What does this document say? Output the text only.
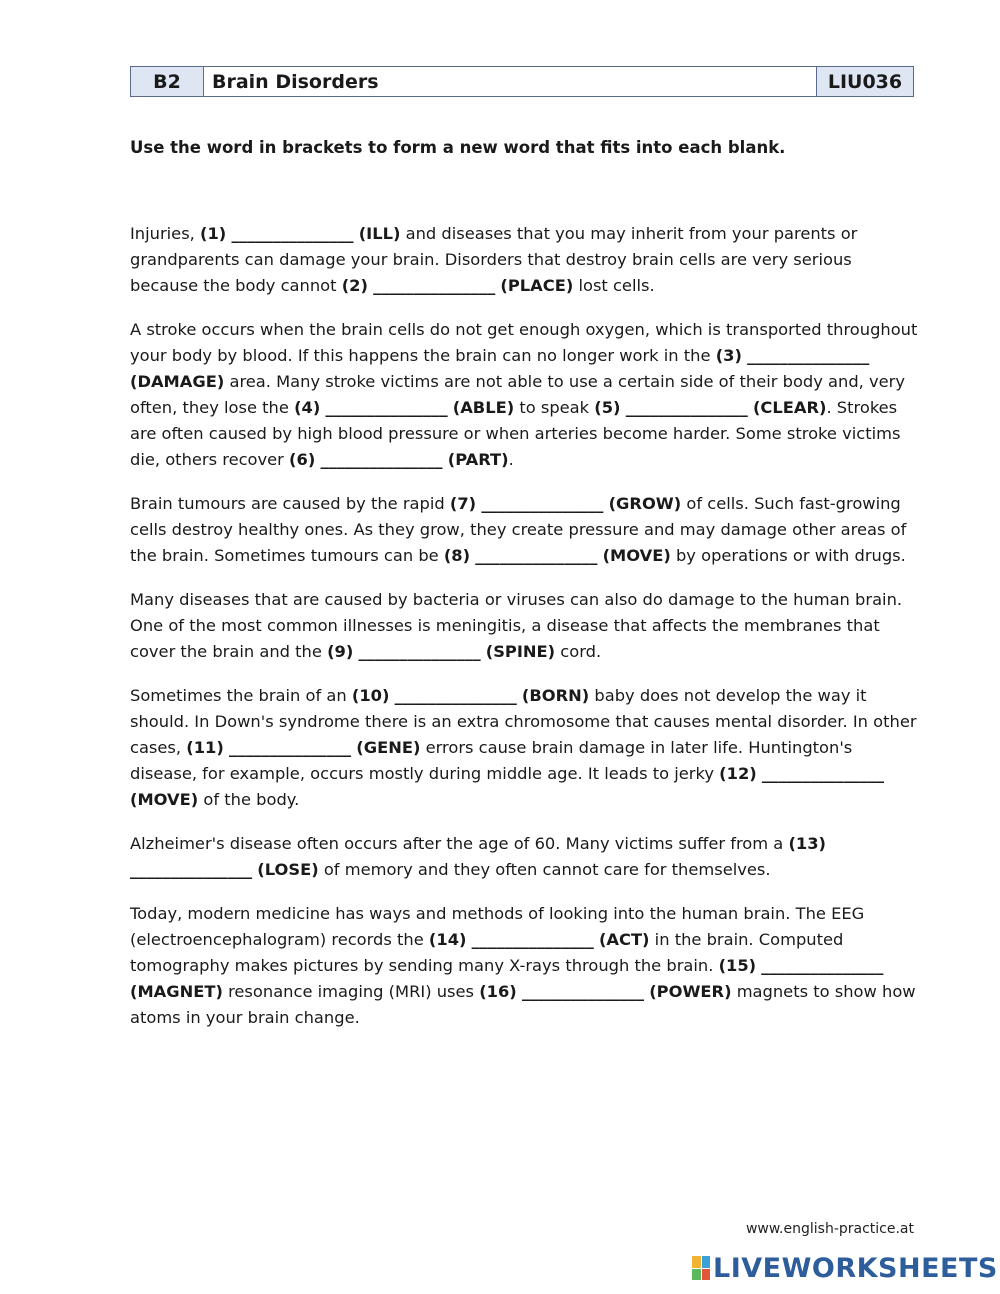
B2	Brain Disorders	LIU036

Use the word in brackets to form a new word that fits into each blank.

Injuries, (1) _______________ (ILL) and diseases that you may inherit from your parents or grandparents can damage your brain. Disorders that destroy brain cells are very serious because the body cannot (2) _______________ (PLACE) lost cells.

A stroke occurs when the brain cells do not get enough oxygen, which is transported throughout your body by blood. If this happens the brain can no longer work in the (3) _______________ (DAMAGE) area. Many stroke victims are not able to use a certain side of their body and, very often, they lose the (4) _______________ (ABLE) to speak (5) _______________ (CLEAR). Strokes are often caused by high blood pressure or when arteries become harder. Some stroke victims die, others recover (6) _______________ (PART).

Brain tumours are caused by the rapid (7) _______________ (GROW) of cells. Such fast-growing cells destroy healthy ones. As they grow, they create pressure and may damage other areas of the brain. Sometimes tumours can be (8) _______________ (MOVE) by operations or with drugs.

Many diseases that are caused by bacteria or viruses can also do damage to the human brain. One of the most common illnesses is meningitis, a disease that affects the membranes that cover the brain and the (9) _______________ (SPINE) cord.

Sometimes the brain of an (10) _______________ (BORN) baby does not develop the way it should. In Down's syndrome there is an extra chromosome that causes mental disorder. In other cases, (11) _______________ (GENE) errors cause brain damage in later life. Huntington's disease, for example, occurs mostly during middle age. It leads to jerky (12) _______________ (MOVE) of the body.

Alzheimer's disease often occurs after the age of 60. Many victims suffer from a (13) _______________ (LOSE) of memory and they often cannot care for themselves.

Today, modern medicine has ways and methods of looking into the human brain. The EEG (electroencephalogram) records the (14) _______________ (ACT) in the brain. Computed tomography makes pictures by sending many X-rays through the brain. (15) _______________ (MAGNET) resonance imaging (MRI) uses (16) _______________ (POWER) magnets to show how atoms in your brain change.

www.english-practice.at
LIVEWORKSHEETS
